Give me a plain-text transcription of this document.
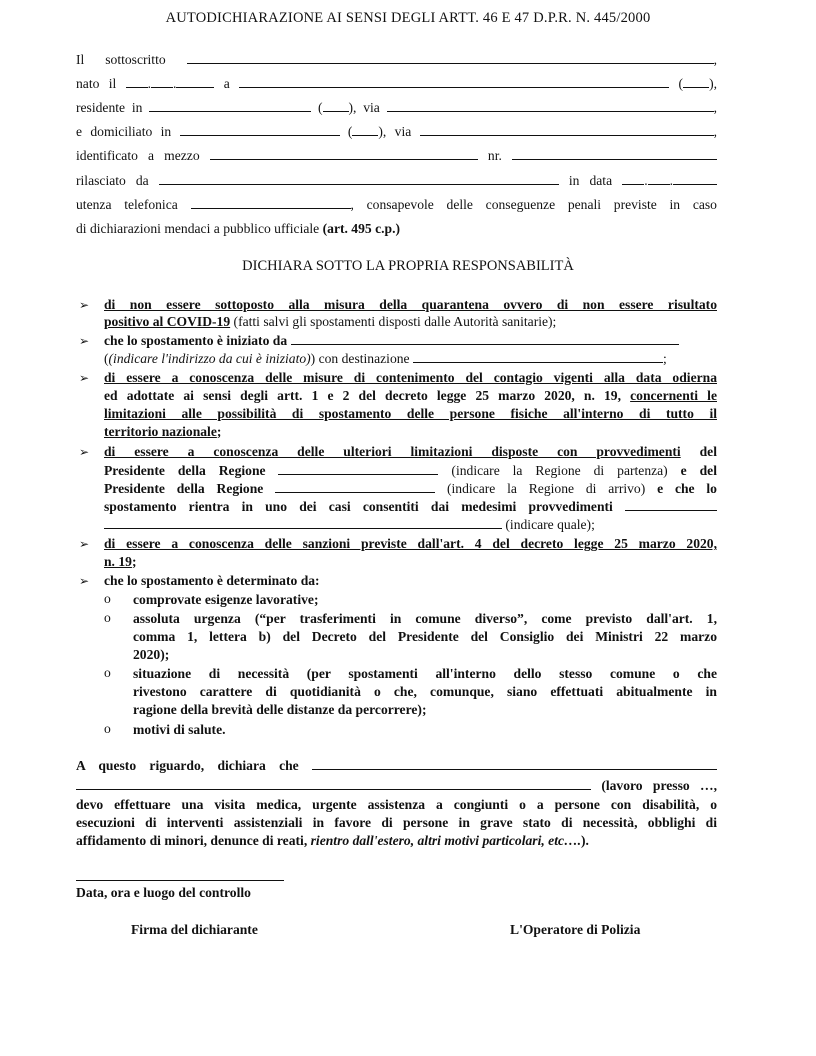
AUTODICHIARAZIONE AI SENSI DEGLI ARTT. 46 E 47 D.P.R. N. 445/2000
Il sottoscritto	,
nato il . .	a	( ),
residente in	( ), via	,
e domiciliato in	( ), via	,
identificato a mezzo	nr.
rilasciato da	in data . .
utenza telefonica	, consapevole delle conseguenze penali previste in caso
di dichiarazioni mendaci a pubblico ufficiale (art. 495 c.p.)
DICHIARA SOTTO LA PROPRIA RESPONSABILITÀ
➢ di non essere sottoposto alla misura della quarantena ovvero di non essere risultato
positivo al COVID-19 (fatti salvi gli spostamenti disposti dalle Autorità sanitarie);
➢ che lo spostamento è iniziato da
((indicare l'indirizzo da cui è iniziato)) con destinazione	;
➢ di essere a conoscenza delle misure di contenimento del contagio vigenti alla data odierna
ed adottate ai sensi degli artt. 1 e 2 del decreto legge 25 marzo 2020, n. 19, concernenti le
limitazioni alle possibilità di spostamento delle persone fisiche all'interno di tutto il
territorio nazionale;
➢ di essere a conoscenza delle ulteriori limitazioni disposte con provvedimenti del
Presidente della Regione	(indicare la Regione di partenza) e del
Presidente della Regione	(indicare la Regione di arrivo) e che lo
spostamento rientra in uno dei casi consentiti dai medesimi provvedimenti
(indicare quale);
➢ di essere a conoscenza delle sanzioni previste dall'art. 4 del decreto legge 25 marzo 2020,
n. 19;
➢ che lo spostamento è determinato da:
o comprovate esigenze lavorative;
o assoluta urgenza (“per trasferimenti in comune diverso”, come previsto dall'art. 1,
comma 1, lettera b) del Decreto del Presidente del Consiglio dei Ministri 22 marzo
2020);
o situazione di necessità (per spostamenti all'interno dello stesso comune o che
rivestono carattere di quotidianità o che, comunque, siano effettuati abitualmente in
ragione della brevità delle distanze da percorrere);
o motivi di salute.
A questo riguardo, dichiara che
(lavoro presso …,
devo effettuare una visita medica, urgente assistenza a congiunti o a persone con disabilità, o
esecuzioni di interventi assistenziali in favore di persone in grave stato di necessità, obblighi di
affidamento di minori, denunce di reati, rientro dall'estero, altri motivi particolari, etc….).
Data, ora e luogo del controllo
Firma del dichiarante	L'Operatore di Polizia
